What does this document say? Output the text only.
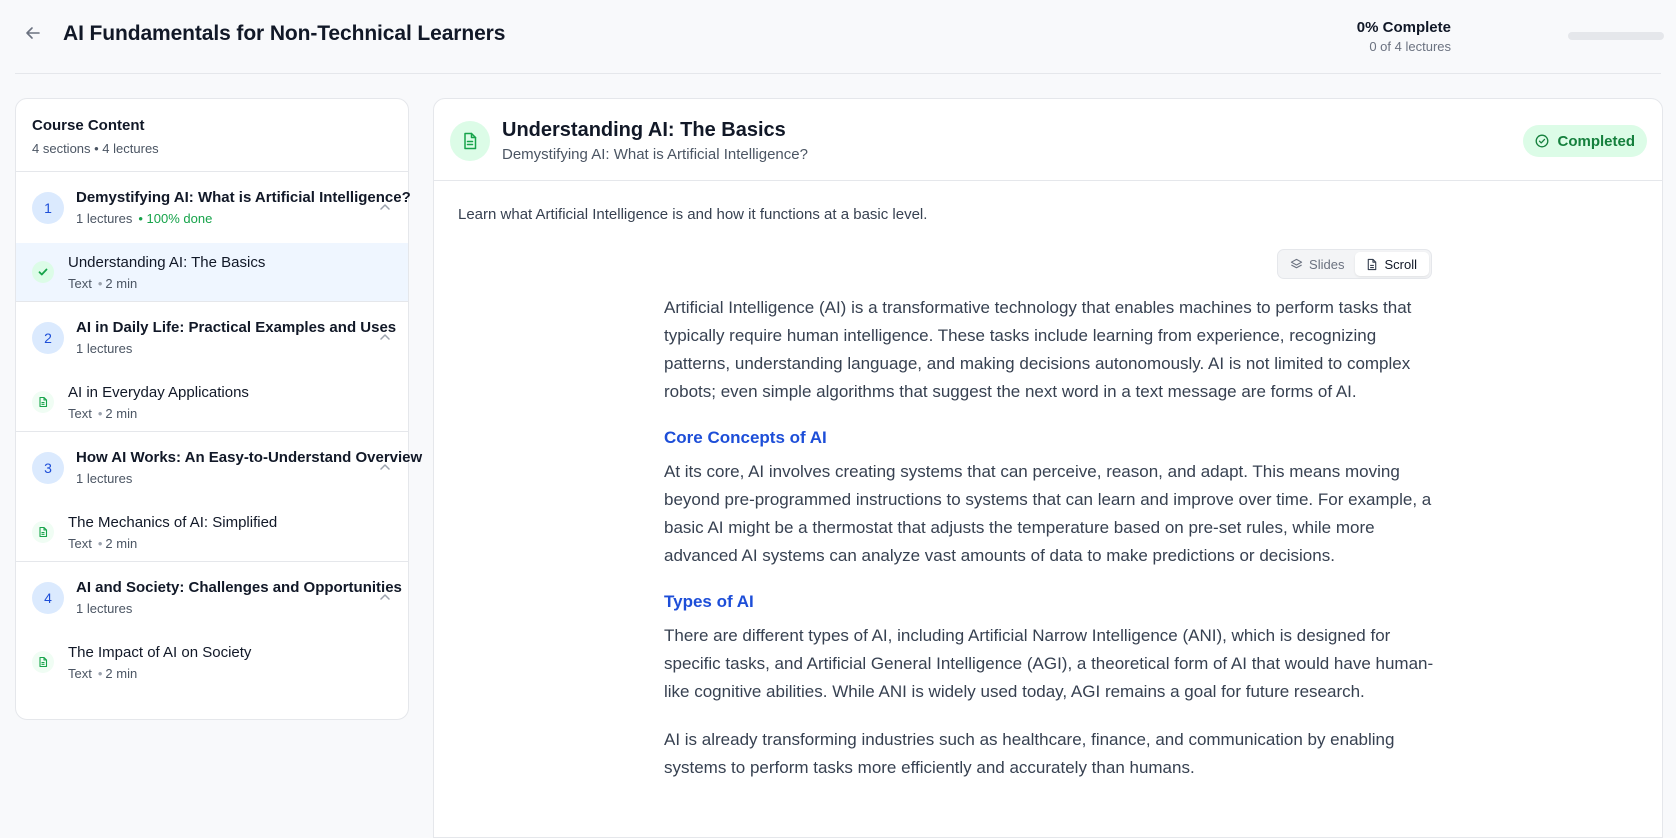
AI Fundamentals for Non-Technical Learners	0% Complete
0 of 4 lectures
Course Content
4 sections • 4 lectures
1
Demystifying AI: What is Artificial Intelligence?
1 lectures • 100% done
Understanding AI: The Basics
Text • 2 min
2
AI in Daily Life: Practical Examples and Uses
1 lectures
AI in Everyday Applications
Text • 2 min
3
How AI Works: An Easy-to-Understand Overview
1 lectures
The Mechanics of AI: Simplified
Text • 2 min
4
AI and Society: Challenges and Opportunities
1 lectures
The Impact of AI on Society
Text • 2 min
Understanding AI: The Basics
Demystifying AI: What is Artificial Intelligence?
Completed
Learn what Artificial Intelligence is and how it functions at a basic level.
Slides	Scroll

Artificial Intelligence (AI) is a transformative technology that enables machines to perform tasks that typically require human intelligence. These tasks include learning from experience, recognizing patterns, understanding language, and making decisions autonomously. AI is not limited to complex robots; even simple algorithms that suggest the next word in a text message are forms of AI.

Core Concepts of AI

At its core, AI involves creating systems that can perceive, reason, and adapt. This means moving beyond pre-programmed instructions to systems that can learn and improve over time. For example, a basic AI might be a thermostat that adjusts the temperature based on pre-set rules, while more advanced AI systems can analyze vast amounts of data to make predictions or decisions.

Types of AI

There are different types of AI, including Artificial Narrow Intelligence (ANI), which is designed for specific tasks, and Artificial General Intelligence (AGI), a theoretical form of AI that would have human-like cognitive abilities. While ANI is widely used today, AGI remains a goal for future research.

AI is already transforming industries such as healthcare, finance, and communication by enabling systems to perform tasks more efficiently and accurately than humans.
